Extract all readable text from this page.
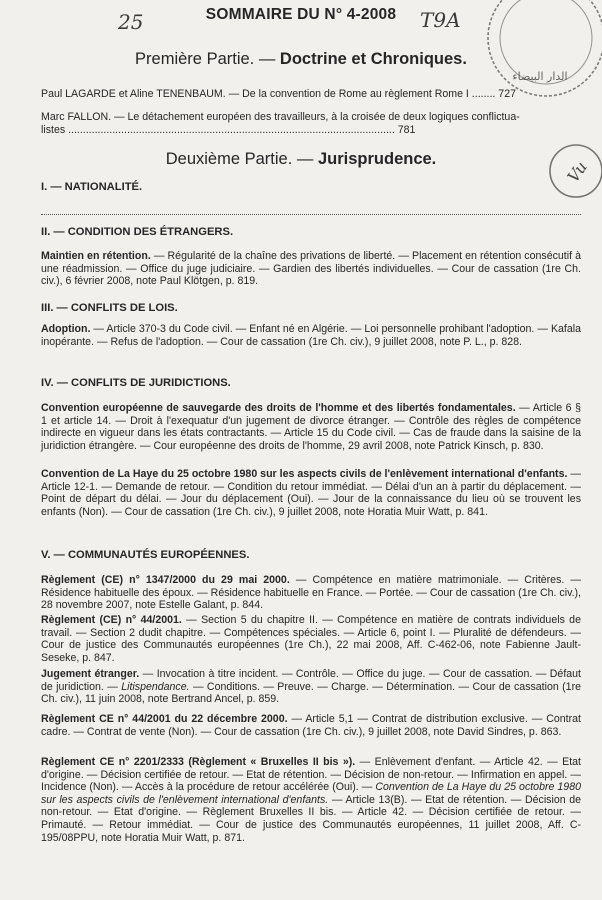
25	T9A
SOMMAIRE DU N° 4-2008
Première Partie. — Doctrine et Chroniques.
Paul LAGARDE et Aline TENENBAUM. — De la convention de Rome au règlement Rome I ........ 727
Marc FALLON. — Le détachement européen des travailleurs, à la croisée de deux logiques conflictua-
listes ............................................................................................................... 781
Deuxième Partie. — Jurisprudence.
I. — NATIONALITÉ.
II. — CONDITION DES ÉTRANGERS.
Maintien en rétention. — Régularité de la chaîne des privations de liberté. — Placement en rétention consécutif à une réadmission. — Office du juge judiciaire. — Gardien des libertés individuelles. — Cour de cassation (1re Ch. civ.), 6 février 2008, note Paul Klötgen, p. 819.
III. — CONFLITS DE LOIS.
Adoption. — Article 370-3 du Code civil. — Enfant né en Algérie. — Loi personnelle prohibant l'adoption. — Kafala inopérante. — Refus de l'adoption. — Cour de cassation (1re Ch. civ.), 9 juillet 2008, note P. L., p. 828.
IV. — CONFLITS DE JURIDICTIONS.
Convention européenne de sauvegarde des droits de l'homme et des libertés fondamentales. — Article 6 § 1 et article 14. — Droit à l'exequatur d'un jugement de divorce étranger. — Contrôle des règles de compétence indirecte en vigueur dans les états contractants. — Article 15 du Code civil. — Cas de fraude dans la saisine de la juridiction étrangère. — Cour européenne des droits de l'homme, 29 avril 2008, note Patrick Kinsch, p. 830.
Convention de La Haye du 25 octobre 1980 sur les aspects civils de l'enlèvement international d'enfants. — Article 12-1. — Demande de retour. — Condition du retour immédiat. — Délai d'un an à partir du déplacement. — Point de départ du délai. — Jour du déplacement (Oui). — Jour de la connaissance du lieu où se trouvent les enfants (Non). — Cour de cassation (1re Ch. civ.), 9 juillet 2008, note Horatia Muir Watt, p. 841.
V. — COMMUNAUTÉS EUROPÉENNES.
Règlement (CE) n° 1347/2000 du 29 mai 2000. — Compétence en matière matrimoniale. — Critères. — Résidence habituelle des époux. — Résidence habituelle en France. — Portée. — Cour de cassation (1re Ch. civ.), 28 novembre 2007, note Estelle Galant, p. 844.
Règlement (CE) n° 44/2001. — Section 5 du chapitre II. — Compétence en matière de contrats individuels de travail. — Section 2 dudit chapitre. — Compétences spéciales. — Article 6, point I. — Pluralité de défendeurs. — Cour de justice des Communautés européennes (1re Ch.), 22 mai 2008, Aff. C-462-06, note Fabienne Jault-Seseke, p. 847.
Jugement étranger. — Invocation à titre incident. — Contrôle. — Office du juge. — Cour de cassation. — Défaut de juridiction. — Litispendance. — Conditions. — Preuve. — Charge. — Détermination. — Cour de cassation (1re Ch. civ.), 11 juin 2008, note Bertrand Ancel, p. 859.
Règlement CE n° 44/2001 du 22 décembre 2000. — Article 5,1 — Contrat de distribution exclusive. — Contrat cadre. — Contrat de vente (Non). — Cour de cassation (1re Ch. civ.), 9 juillet 2008, note David Sindres, p. 863.
Règlement CE n° 2201/2333 (Règlement « Bruxelles II bis »). — Enlèvement d'enfant. — Article 42. — Etat d'origine. — Décision certifiée de retour. — Etat de rétention. — Décision de non-retour. — Infirmation en appel. — Incidence (Non). — Accès à la procédure de retour accélérée (Oui). — Convention de La Haye du 25 octobre 1980 sur les aspects civils de l'enlèvement international d'enfants. — Article 13(B). — Etat de rétention. — Décision de non-retour. — Etat d'origine. — Règlement Bruxelles II bis. — Article 42. — Décision certifiée de retour. — Primauté. — Retour immédiat. — Cour de justice des Communautés européennes, 11 juillet 2008, Aff. C-195/08PPU, note Horatia Muir Watt, p. 871.
الدار البيضاء
Vu
